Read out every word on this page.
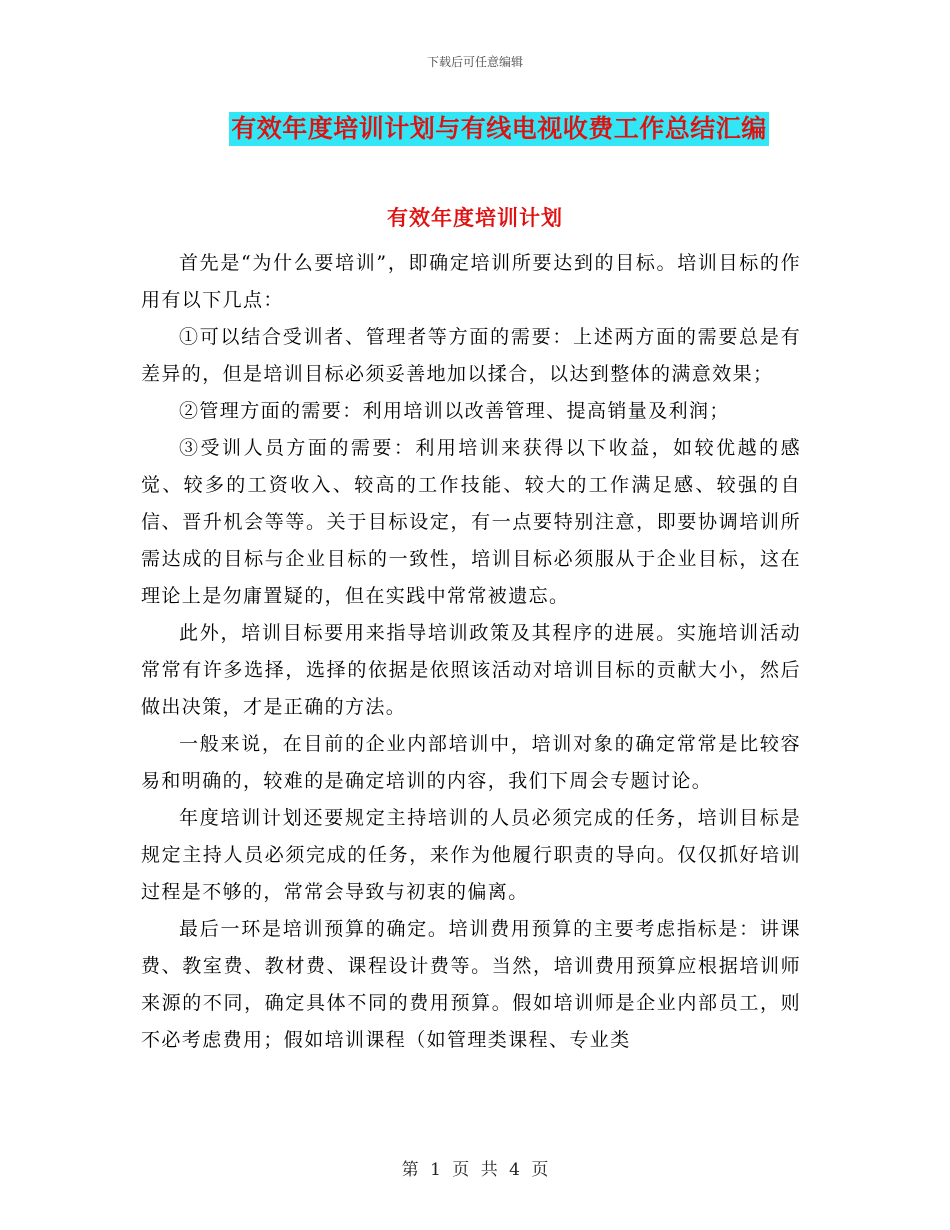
下载后可任意编辑
有效年度培训计划与有线电视收费工作总结汇编
有效年度培训计划

首先是“为什么要培训”，即确定培训所要达到的目标。培训目标的作用有以下几点：

①可以结合受训者、管理者等方面的需要：上述两方面的需要总是有差异的，但是培训目标必须妥善地加以揉合，以达到整体的满意效果；

②管理方面的需要：利用培训以改善管理、提高销量及利润；

③受训人员方面的需要：利用培训来获得以下收益，如较优越的感觉、较多的工资收入、较高的工作技能、较大的工作满足感、较强的自信、晋升机会等等。关于目标设定，有一点要特别注意，即要协调培训所需达成的目标与企业目标的一致性，培训目标必须服从于企业目标，这在理论上是勿庸置疑的，但在实践中常常被遗忘。

此外，培训目标要用来指导培训政策及其程序的进展。实施培训活动常常有许多选择，选择的依据是依照该活动对培训目标的贡献大小，然后做出决策，才是正确的方法。

一般来说，在目前的企业内部培训中，培训对象的确定常常是比较容易和明确的，较难的是确定培训的内容，我们下周会专题讨论。

年度培训计划还要规定主持培训的人员必须完成的任务，培训目标是规定主持人员必须完成的任务，来作为他履行职责的导向。仅仅抓好培训过程是不够的，常常会导致与初衷的偏离。

最后一环是培训预算的确定。培训费用预算的主要考虑指标是：讲课费、教室费、教材费、课程设计费等。当然，培训费用预算应根据培训师来源的不同，确定具体不同的费用预算。假如培训师是企业内部员工，则不必考虑费用；假如培训课程（如管理类课程、专业类

第 1 页 共 4 页
